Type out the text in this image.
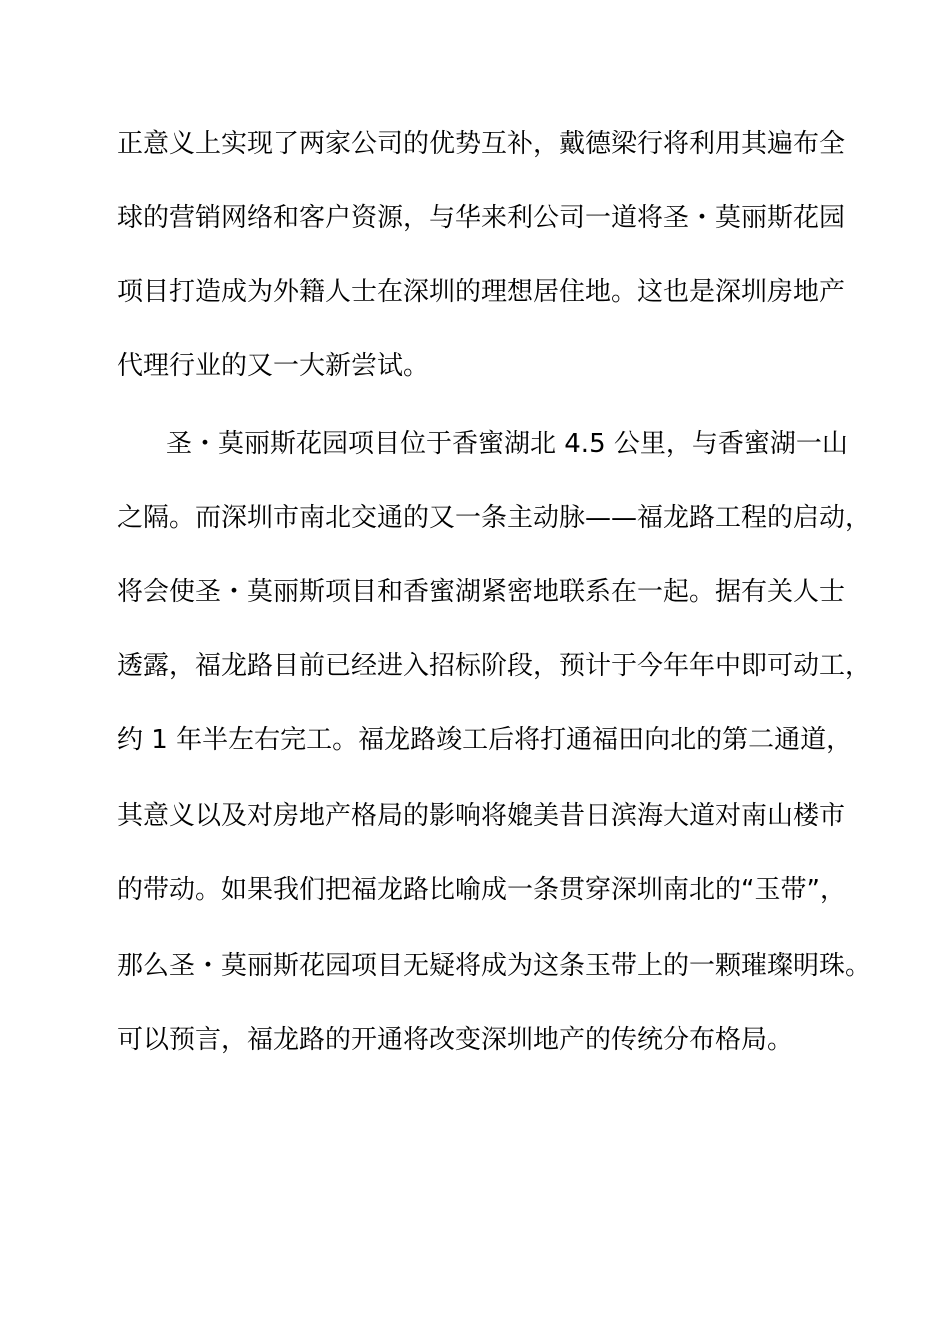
正意义上实现了两家公司的优势互补，戴德梁行将利用其遍布全
球的营销网络和客户资源，与华来利公司一道将圣・莫丽斯花园
项目打造成为外籍人士在深圳的理想居住地。这也是深圳房地产
代理行业的又一大新尝试。
圣・莫丽斯花园项目位于香蜜湖北 4.5 公里，与香蜜湖一山
之隔。而深圳市南北交通的又一条主动脉——福龙路工程的启动，
将会使圣・莫丽斯项目和香蜜湖紧密地联系在一起。据有关人士
透露，福龙路目前已经进入招标阶段，预计于今年年中即可动工，
约 1 年半左右完工。福龙路竣工后将打通福田向北的第二通道，
其意义以及对房地产格局的影响将媲美昔日滨海大道对南山楼市
的带动。如果我们把福龙路比喻成一条贯穿深圳南北的“玉带”，
那么圣・莫丽斯花园项目无疑将成为这条玉带上的一颗璀璨明珠。
可以预言，福龙路的开通将改变深圳地产的传统分布格局。
